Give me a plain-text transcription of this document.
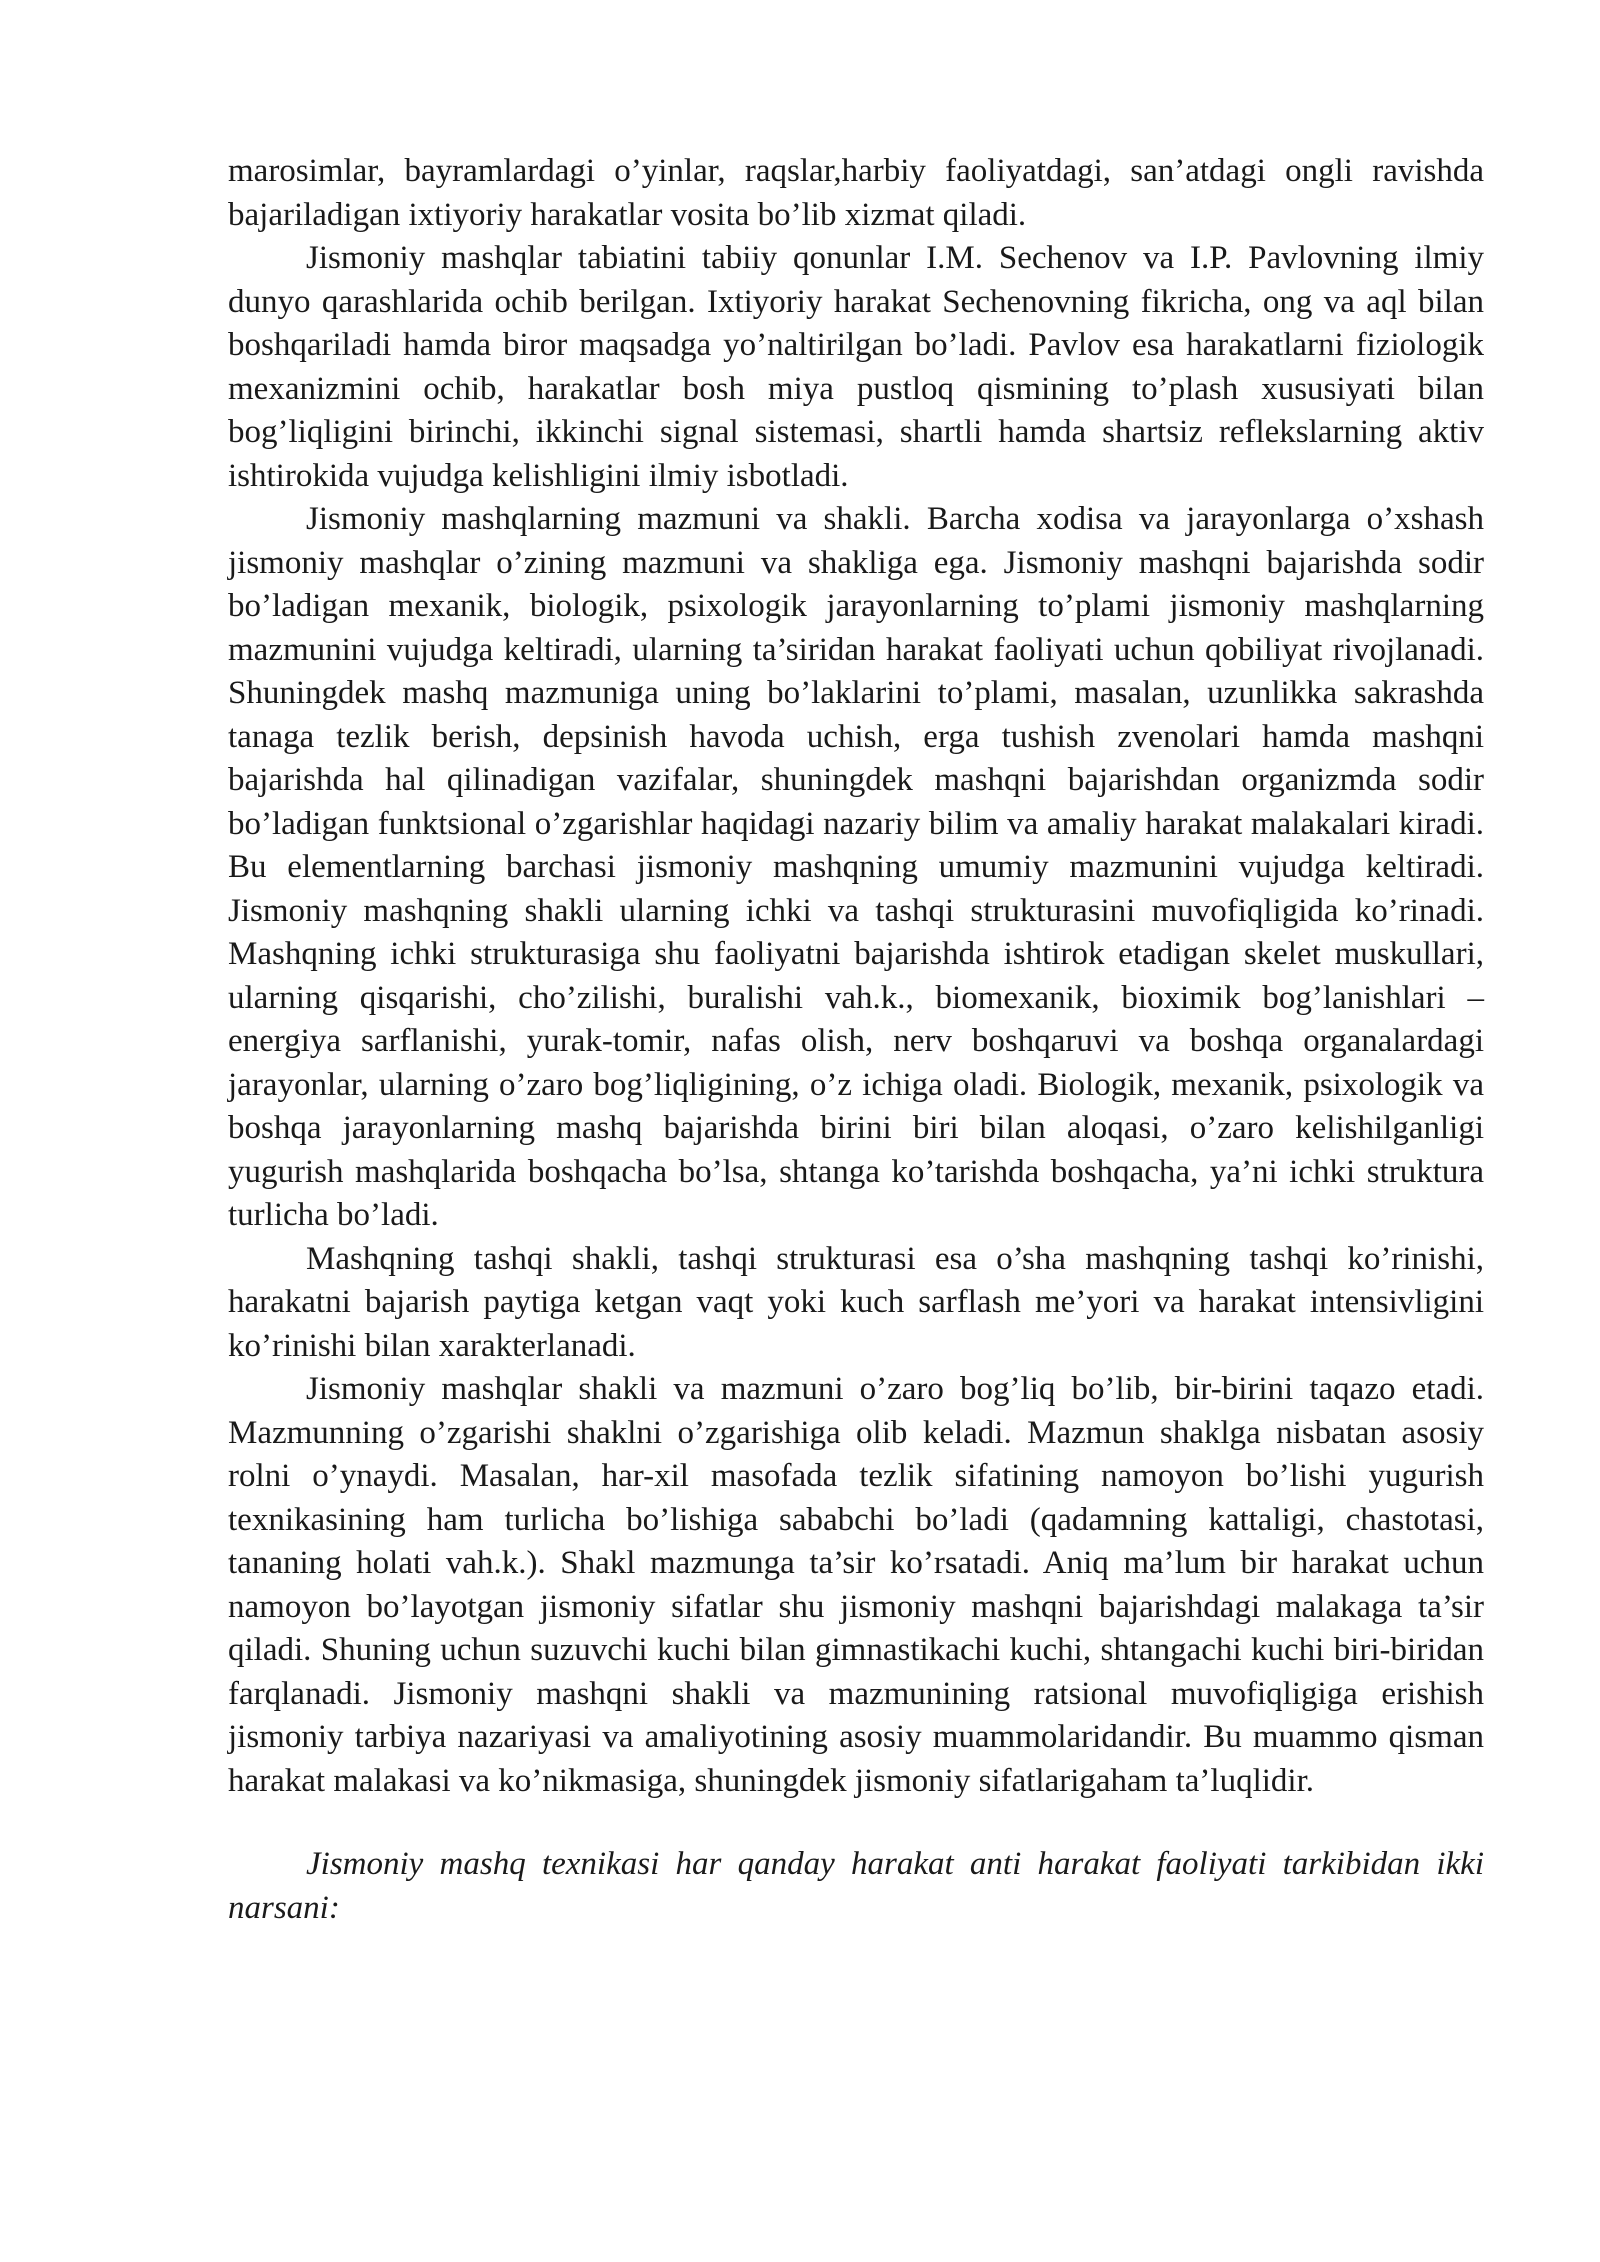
marosimlar, bayramlardagi o’yinlar, raqslar,harbiy faoliyatdagi, san’atdagi ongli ravishda bajariladigan ixtiyoriy harakatlar vosita bo’lib xizmat qiladi.

Jismoniy mashqlar tabiatini tabiiy qonunlar I.M. Sechenov va I.P. Pavlovning ilmiy dunyo qarashlarida ochib berilgan. Ixtiyoriy harakat Sechenovning fikricha, ong va aql bilan boshqariladi hamda biror maqsadga yo’naltirilgan bo’ladi. Pavlov esa harakatlarni fiziologik mexanizmini ochib, harakatlar bosh miya pustloq qismining to’plash xususiyati bilan bog’liqligini birinchi, ikkinchi signal sistemasi, shartli hamda shartsiz reflekslarning aktiv ishtirokida vujudga kelishligini ilmiy isbotladi.

Jismoniy mashqlarning mazmuni va shakli. Barcha xodisa va jarayonlarga o’xshash jismoniy mashqlar o’zining mazmuni va shakliga ega. Jismoniy mashqni bajarishda sodir bo’ladigan mexanik, biologik, psixologik jarayonlarning to’plami jismoniy mashqlarning mazmunini vujudga keltiradi, ularning ta’siridan harakat faoliyati uchun qobiliyat rivojlanadi. Shuningdek mashq mazmuniga uning bo’laklarini to’plami, masalan, uzunlikka sakrashda tanaga tezlik berish, depsinish havoda uchish, erga tushish zvenolari hamda mashqni bajarishda hal qilinadigan vazifalar, shuningdek mashqni bajarishdan organizmda sodir bo’ladigan funktsional o’zgarishlar haqidagi nazariy bilim va amaliy harakat malakalari kiradi. Bu elementlarning barchasi jismoniy mashqning umumiy mazmunini vujudga keltiradi. Jismoniy mashqning shakli ularning ichki va tashqi strukturasini muvofiqligida ko’rinadi. Mashqning ichki strukturasiga shu faoliyatni bajarishda ishtirok etadigan skelet muskullari, ularning qisqarishi, cho’zilishi, buralishi vah.k., biomexanik, bioximik bog’lanishlari – energiya sarflanishi, yurak-tomir, nafas olish, nerv boshqaruvi va boshqa organalardagi jarayonlar, ularning o’zaro bog’liqligining, o’z ichiga oladi. Biologik, mexanik, psixologik va boshqa jarayonlarning mashq bajarishda birini biri bilan aloqasi, o’zaro kelishilganligi yugurish mashqlarida boshqacha bo’lsa, shtanga ko’tarishda boshqacha, ya’ni ichki struktura turlicha bo’ladi.

Mashqning tashqi shakli, tashqi strukturasi esa o’sha mashqning tashqi ko’rinishi, harakatni bajarish paytiga ketgan vaqt yoki kuch sarflash me’yori va harakat intensivligini ko’rinishi bilan xarakterlanadi.

Jismoniy mashqlar shakli va mazmuni o’zaro bog’liq bo’lib, bir-birini taqazo etadi. Mazmunning o’zgarishi shaklni o’zgarishiga olib keladi. Mazmun shaklga nisbatan asosiy rolni o’ynaydi. Masalan, har-xil masofada tezlik sifatining namoyon bo’lishi yugurish texnikasining ham turlicha bo’lishiga sababchi bo’ladi (qadamning kattaligi, chastotasi, tananing holati vah.k.). Shakl mazmunga ta’sir ko’rsatadi. Aniq ma’lum bir harakat uchun namoyon bo’layotgan jismoniy sifatlar shu jismoniy mashqni bajarishdagi malakaga ta’sir qiladi. Shuning uchun suzuvchi kuchi bilan gimnastikachi kuchi, shtangachi kuchi biri-biridan farqlanadi. Jismoniy mashqni shakli va mazmunining ratsional muvofiqligiga erishish jismoniy tarbiya nazariyasi va amaliyotining asosiy muammolaridandir. Bu muammo qisman harakat malakasi va ko’nikmasiga, shuningdek jismoniy sifatlarigaham ta’luqlidir.

Jismoniy mashq texnikasi har qanday harakat anti harakat faoliyati tarkibidan ikki narsani:
